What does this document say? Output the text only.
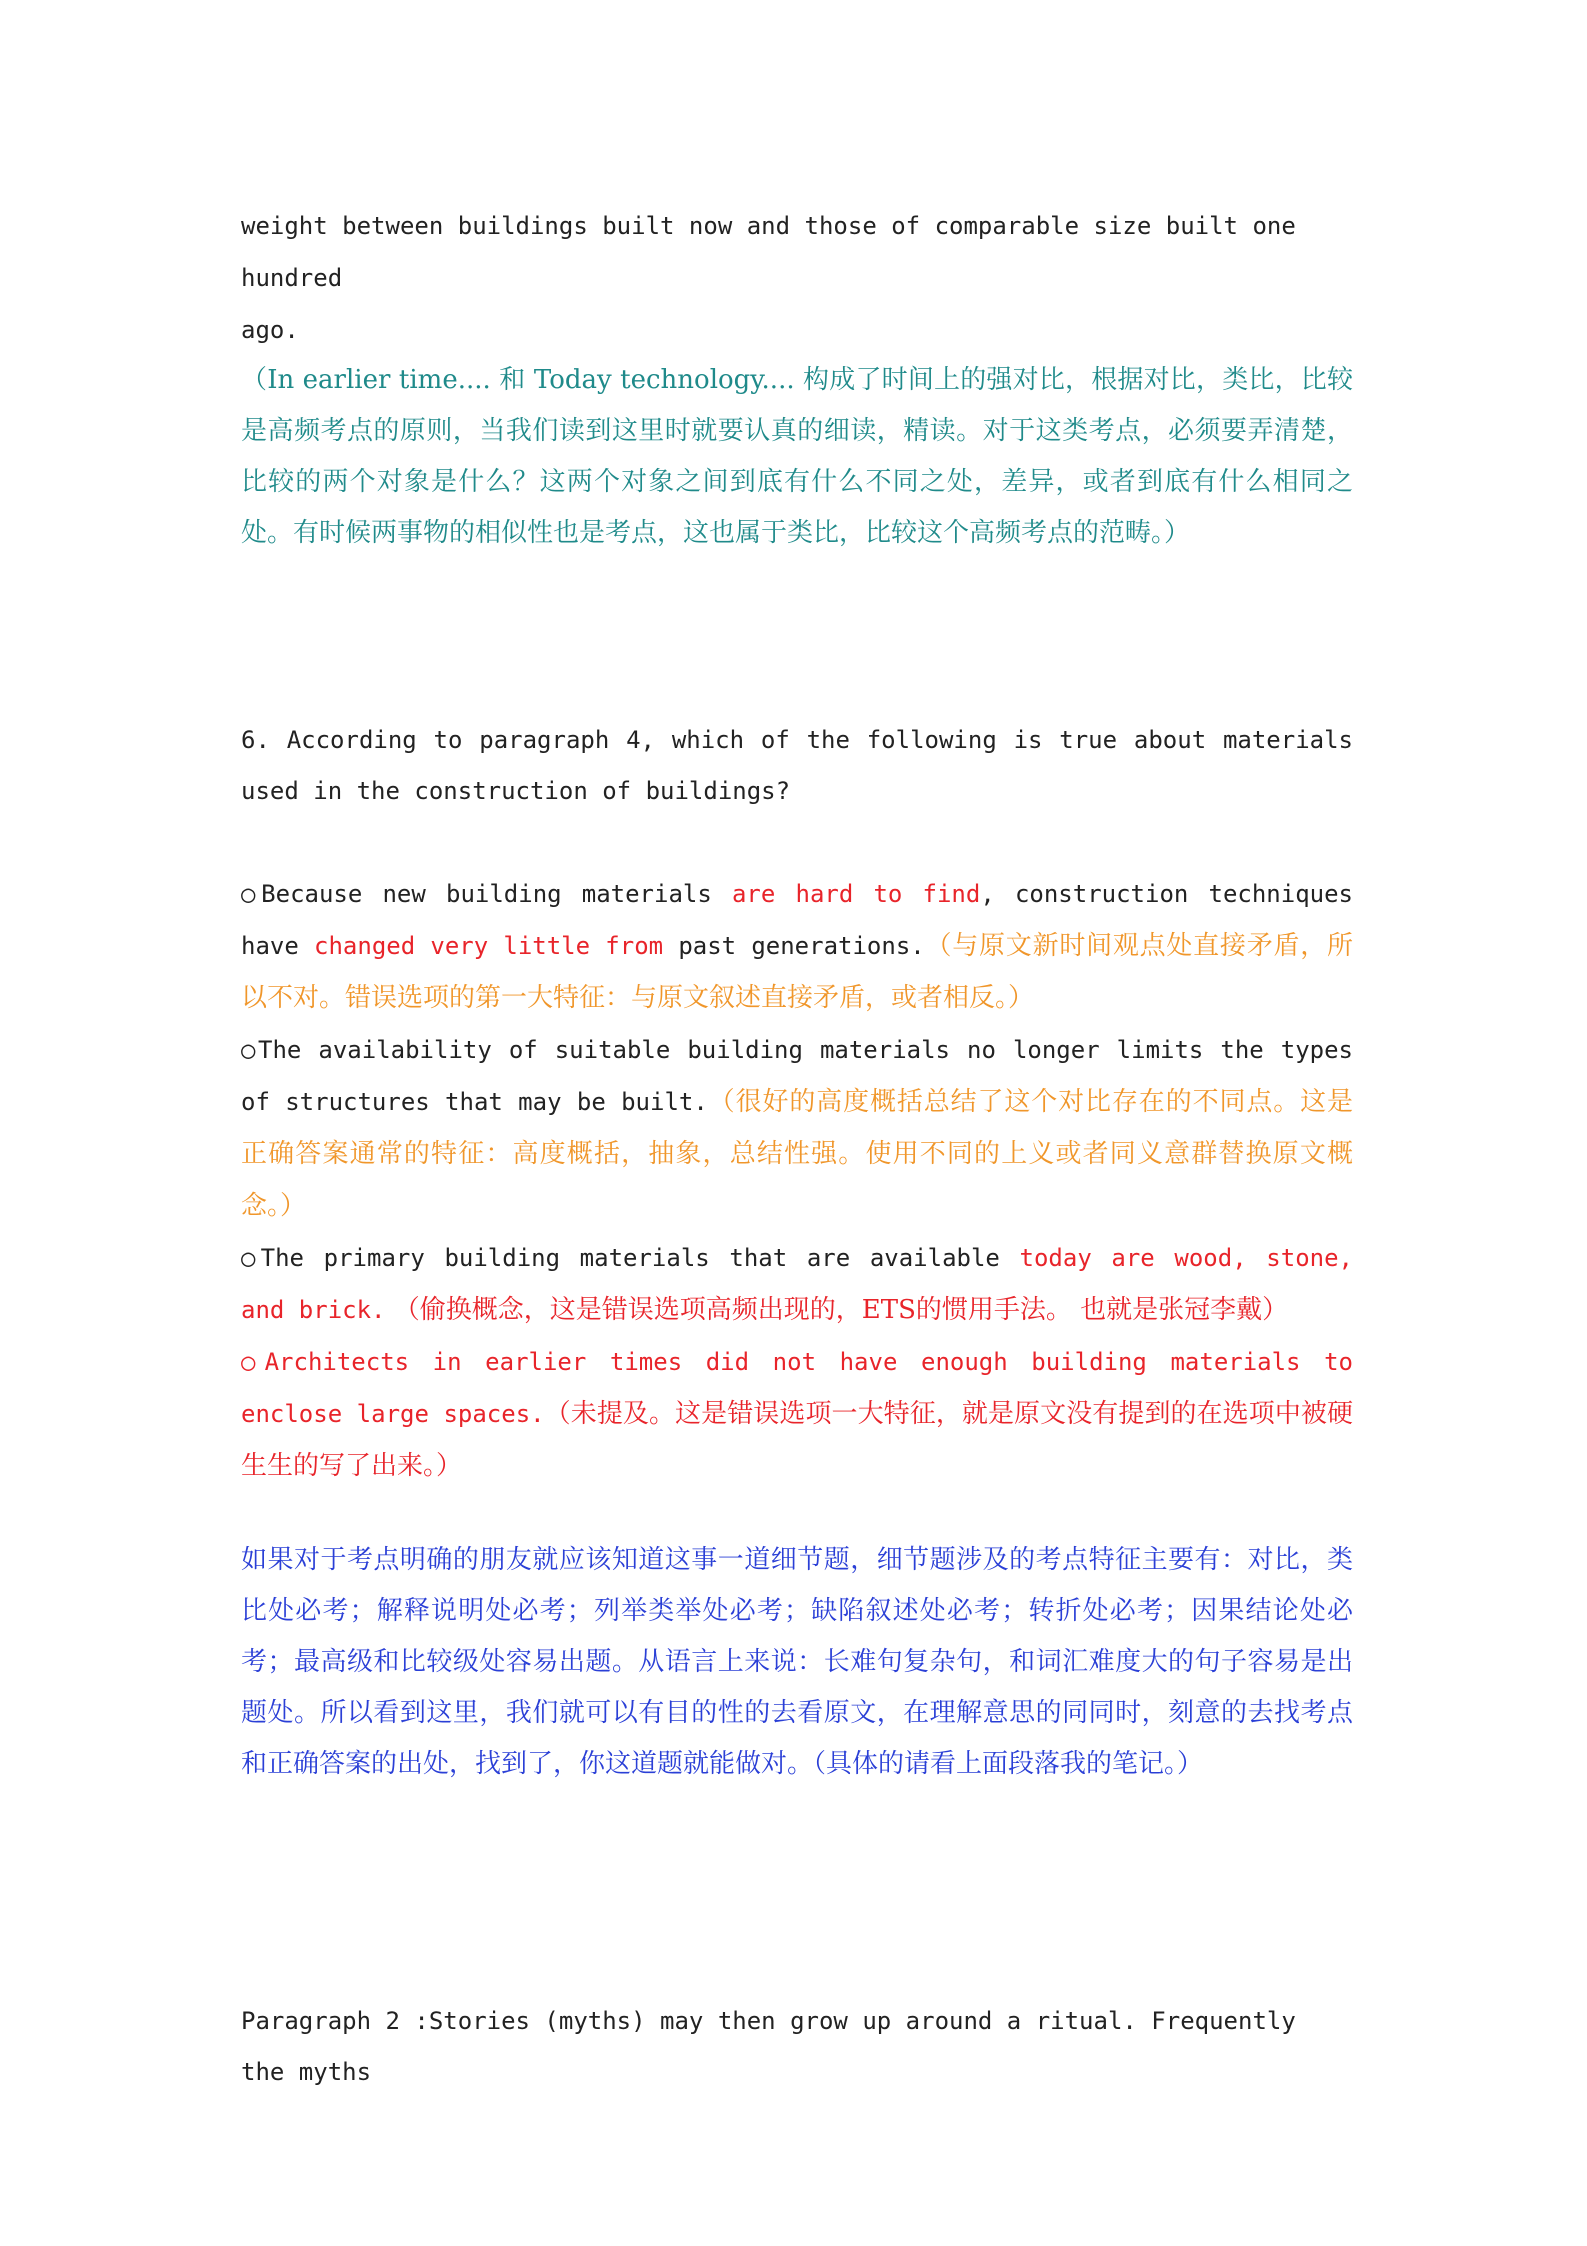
weight between buildings built now and those of comparable size built one hundred
ago.
（In earlier time.... 和 Today technology.... 构成了时间上的强对比，根据对比，类比，比较是高频考点的原则，当我们读到这里时就要认真的细读，精读。对于这类考点，必须要弄清楚，比较的两个对象是什么？这两个对象之间到底有什么不同之处，差异，或者到底有什么相同之处。有时候两事物的相似性也是考点，这也属于类比，比较这个高频考点的范畴。）
6. According to paragraph 4, which of the following is true about materials used in the construction of buildings?
○Because new building materials are hard to find, construction techniques have changed very little from past generations.（与原文新时间观点处直接矛盾，所以不对。错误选项的第一大特征：与原文叙述直接矛盾，或者相反。）
○The availability of suitable building materials no longer limits the types of structures that may be built.（很好的高度概括总结了这个对比存在的不同点。这是正确答案通常的特征：高度概括，抽象，总结性强。使用不同的上义或者同义意群替换原文概念。）
○The primary building materials that are available today are wood, stone, and brick. （偷换概念，这是错误选项高频出现的，ETS的惯用手法。 也就是张冠李戴）
○Architects in earlier times did not have enough building materials to enclose large spaces.（未提及。这是错误选项一大特征，就是原文没有提到的在选项中被硬生生的写了出来。）
如果对于考点明确的朋友就应该知道这事一道细节题，细节题涉及的考点特征主要有：对比，类比处必考；解释说明处必考；列举类举处必考；缺陷叙述处必考；转折处必考；因果结论处必考；最高级和比较级处容易出题。从语言上来说：长难句复杂句，和词汇难度大的句子容易是出题处。所以看到这里，我们就可以有目的性的去看原文，在理解意思的同同时，刻意的去找考点和正确答案的出处，找到了，你这道题就能做对。（具体的请看上面段落我的笔记。）
Paragraph 2 :Stories (myths) may then grow up around a ritual. Frequently the myths
